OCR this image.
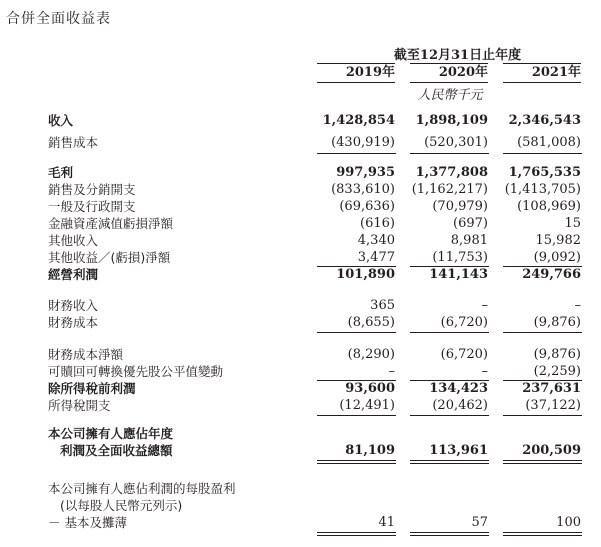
合併全面收益表
截至12月31日止年度
2019年	2020年	2021年
人民幣千元
收入	1,428,854	1,898,109	2,346,543
銷售成本	(430,919)	(520,301)	(581,008)
毛利	997,935	1,377,808	1,765,535
銷售及分銷開支	(833,610)	(1,162,217)	(1,413,705)
一般及行政開支	(69,636)	(70,979)	(108,969)
金融資產減值虧損淨額	(616)	(697)	15
其他收入	4,340	8,981	15,982
其他收益／(虧損)淨額	3,477	(11,753)	(9,092)
經營利潤	101,890	141,143	249,766
財務收入	365	–	–
財務成本	(8,655)	(6,720)	(9,876)
財務成本淨額	(8,290)	(6,720)	(9,876)
可贖回可轉換優先股公平值變動	–	–	(2,259)
除所得稅前利潤	93,600	134,423	237,631
所得稅開支	(12,491)	(20,462)	(37,122)
本公司擁有人應佔年度
利潤及全面收益總額	81,109	113,961	200,509
本公司擁有人應佔利潤的每股盈利
(以每股人民幣元列示)
－ 基本及攤薄	41	57	100
